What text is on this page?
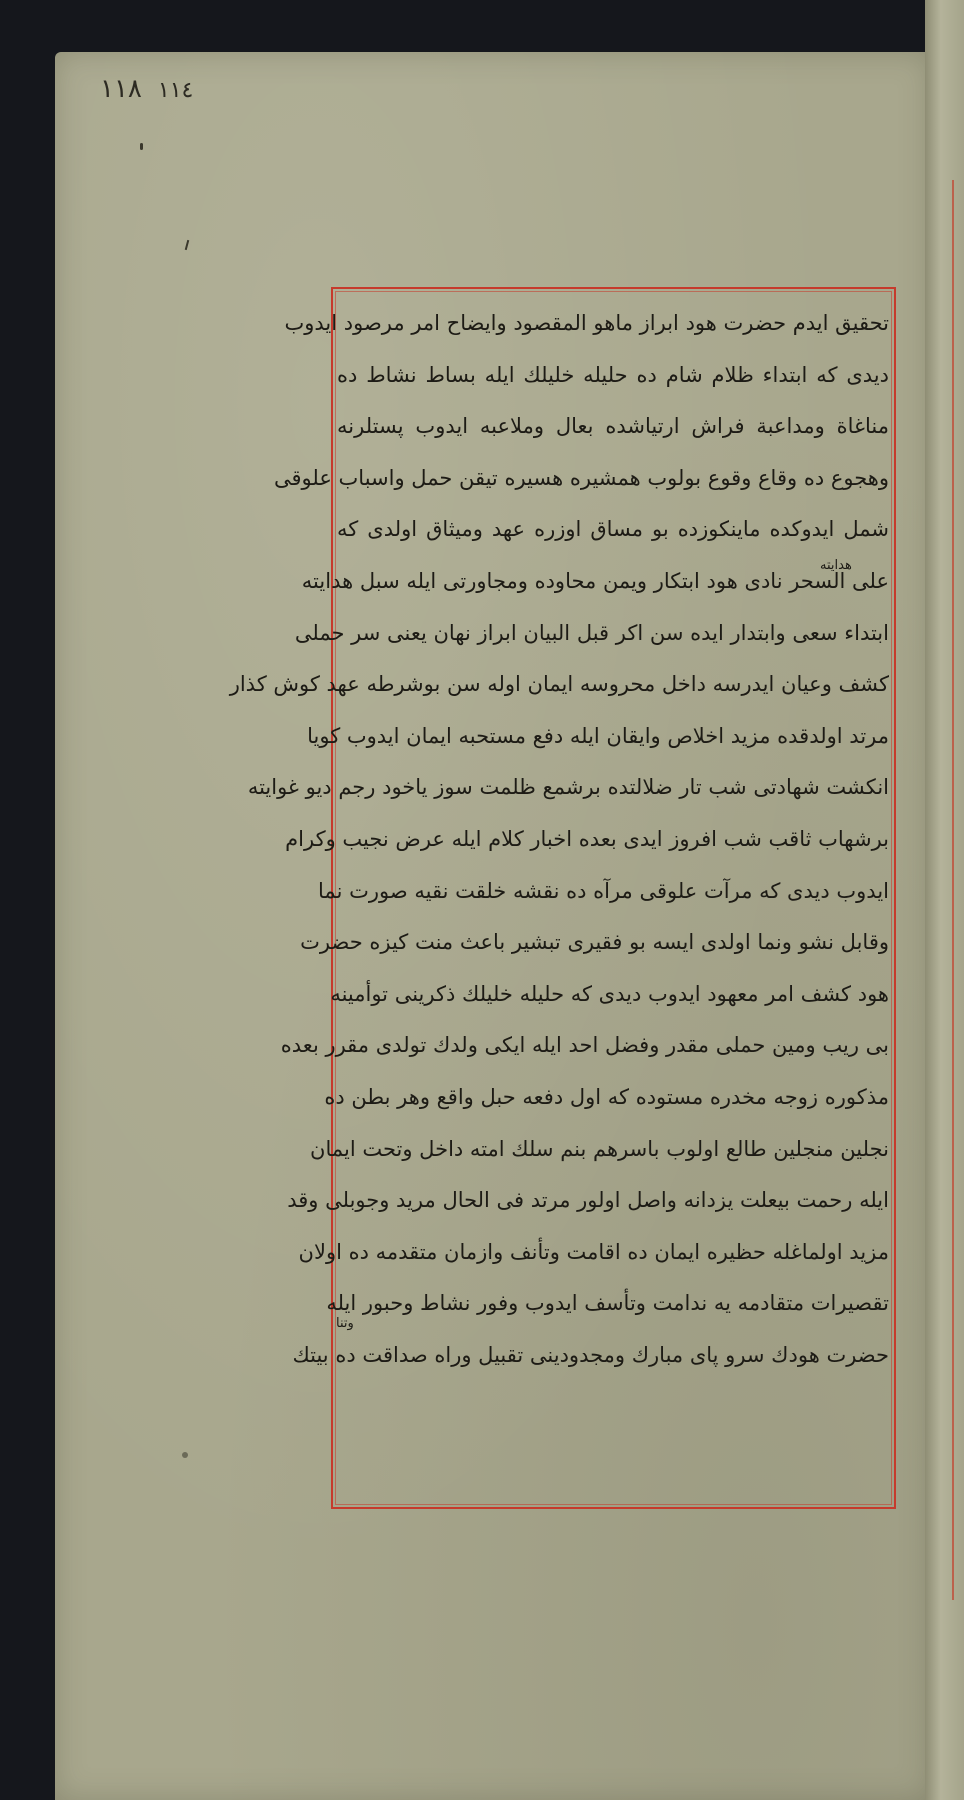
١١٨ ١١٤
هدايته
وتنا
تحقيق ايدم حضرت هود ابراز ماهو المقصود وايضاح امر مرصود ايدوب
ديدى كه ابتداء ظلام شام ده حليله خليلك ايله بساط نشاط ده
مناغاة ومداعبة فراش ارتياشده بعال وملاعبه ايدوب پستلرنه
وهجوع ده وقاع وقوع بولوب همشيره هسيره تيقن حمل واسباب علوقى
شمل ايدوكده ماينكوزده بو مساق اوزره عهد وميثاق اولدى كه
على السحر نادى هود ابتكار ويمن محاوده ومجاورتى ايله سبل هدايته
ابتداء سعى وابتدار ايده سن اكر قبل البيان ابراز نهان يعنى سر حملى
كشف وعيان ايدرسه داخل محروسه ايمان اوله سن بوشرطه عهد كوش كذار
مرتد اولدقده مزيد اخلاص وايقان ايله دفع مستحبه ايمان ايدوب كويا
انكشت شهادتى شب تار ضلالتده برشمع ظلمت سوز ياخود رجم ديو غوايته
برشهاب ثاقب شب افروز ايدى بعده اخبار كلام ايله عرض نجيب وكرام
ايدوب ديدى كه مرآت علوقى مرآه ده نقشه خلقت نقيه صورت نما
وقابل نشو ونما اولدى ايسه بو فقيرى تبشير باعث منت كيزه حضرت
هود كشف امر معهود ايدوب ديدى كه حليله خليلك ذكرينى توأمينه
بى ريب ومين حملى مقدر وفضل احد ايله ايكى ولدك تولدى مقرر بعده
مذكوره زوجه مخدره مستوده كه اول دفعه حبل واقع وهر بطن ده
نجلين منجلين طالع اولوب باسرهم بنم سلك امته داخل وتحت ايمان
ايله رحمت بيعلت يزدانه واصل اولور مرتد فى الحال مريد وجوبلى وقد
مزيد اولماغله حظيره ايمان ده اقامت وتأنف وازمان متقدمه ده اولان
تقصيرات متقادمه يه ندامت وتأسف ايدوب وفور نشاط وحبور ايله
حضرت هودك سرو پاى مبارك ومجدودينى تقبيل وراه صداقت ده بيتك
